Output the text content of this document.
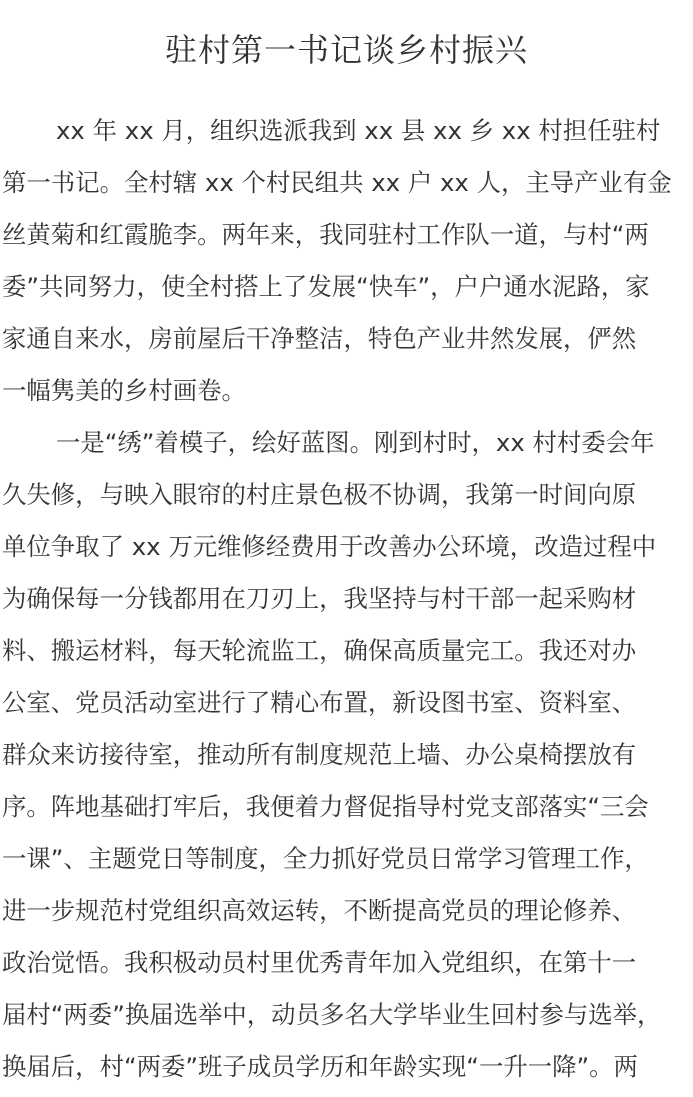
驻村第一书记谈乡村振兴
xx 年 xx 月，组织选派我到 xx 县 xx 乡 xx 村担任驻村
第一书记。全村辖 xx 个村民组共 xx 户 xx 人，主导产业有金
丝黄菊和红霞脆李。两年来，我同驻村工作队一道，与村“两
委”共同努力，使全村搭上了发展“快车”，户户通水泥路，家
家通自来水，房前屋后干净整洁，特色产业井然发展，俨然
一幅隽美的乡村画卷。
一是“绣”着模子，绘好蓝图。刚到村时，xx 村村委会年
久失修，与映入眼帘的村庄景色极不协调，我第一时间向原
单位争取了 xx 万元维修经费用于改善办公环境，改造过程中
为确保每一分钱都用在刀刃上，我坚持与村干部一起采购材
料、搬运材料，每天轮流监工，确保高质量完工。我还对办
公室、党员活动室进行了精心布置，新设图书室、资料室、
群众来访接待室，推动所有制度规范上墙、办公桌椅摆放有
序。阵地基础打牢后，我便着力督促指导村党支部落实“三会
一课”、主题党日等制度，全力抓好党员日常学习管理工作，
进一步规范村党组织高效运转，不断提高党员的理论修养、
政治觉悟。我积极动员村里优秀青年加入党组织，在第十一
届村“两委”换届选举中，动员多名大学毕业生回村参与选举，
换届后，村“两委”班子成员学历和年龄实现“一升一降”。两
